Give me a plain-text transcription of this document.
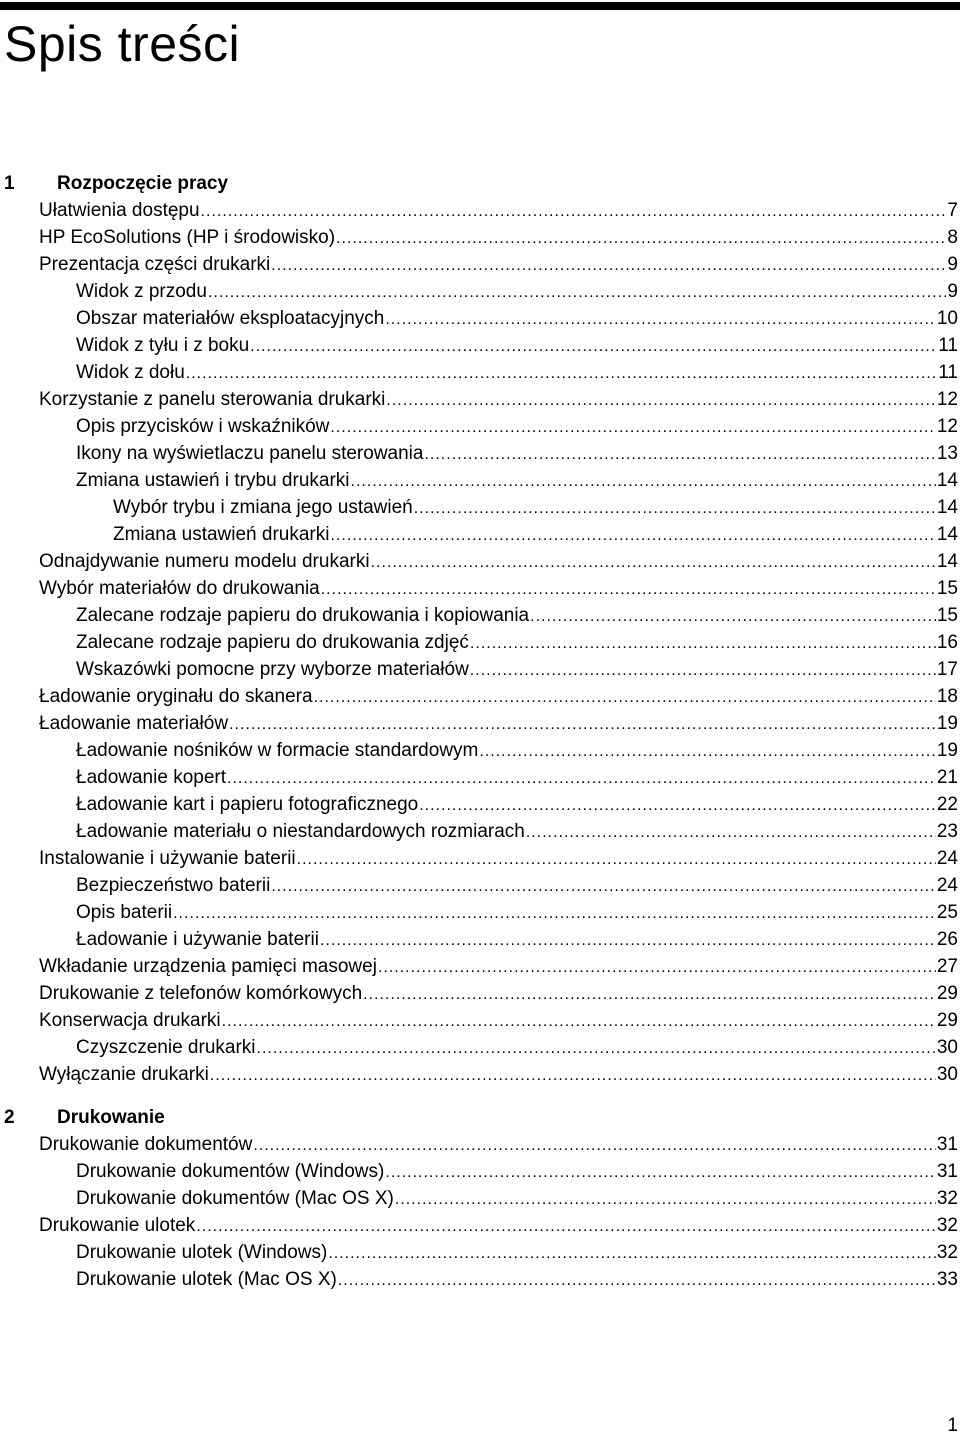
Spis treści
1	Rozpoczęcie pracy
Ułatwienia dostępu .....	7
HP EcoSolutions (HP i środowisko) .....	8
Prezentacja części drukarki .....	9
Widok z przodu .....	9
Obszar materiałów eksploatacyjnych .....	10
Widok z tyłu i z boku .....	11
Widok z dołu .....	11
Korzystanie z panelu sterowania drukarki .....	12
Opis przycisków i wskaźników .....	12
Ikony na wyświetlaczu panelu sterowania .....	13
Zmiana ustawień i trybu drukarki .....	14
Wybór trybu i zmiana jego ustawień .....	14
Zmiana ustawień drukarki .....	14
Odnajdywanie numeru modelu drukarki .....	14
Wybór materiałów do drukowania .....	15
Zalecane rodzaje papieru do drukowania i kopiowania .....	15
Zalecane rodzaje papieru do drukowania zdjęć .....	16
Wskazówki pomocne przy wyborze materiałów .....	17
Ładowanie oryginału do skanera .....	18
Ładowanie materiałów .....	19
Ładowanie nośników w formacie standardowym .....	19
Ładowanie kopert .....	21
Ładowanie kart i papieru fotograficznego .....	22
Ładowanie materiału o niestandardowych rozmiarach .....	23
Instalowanie i używanie baterii .....	24
Bezpieczeństwo baterii .....	24
Opis baterii .....	25
Ładowanie i używanie baterii .....	26
Wkładanie urządzenia pamięci masowej .....	27
Drukowanie z telefonów komórkowych .....	29
Konserwacja drukarki .....	29
Czyszczenie drukarki .....	30
Wyłączanie drukarki .....	30
2	Drukowanie
Drukowanie dokumentów .....	31
Drukowanie dokumentów (Windows) .....	31
Drukowanie dokumentów (Mac OS X) .....	32
Drukowanie ulotek .....	32
Drukowanie ulotek (Windows) .....	32
Drukowanie ulotek (Mac OS X) .....	33
1
